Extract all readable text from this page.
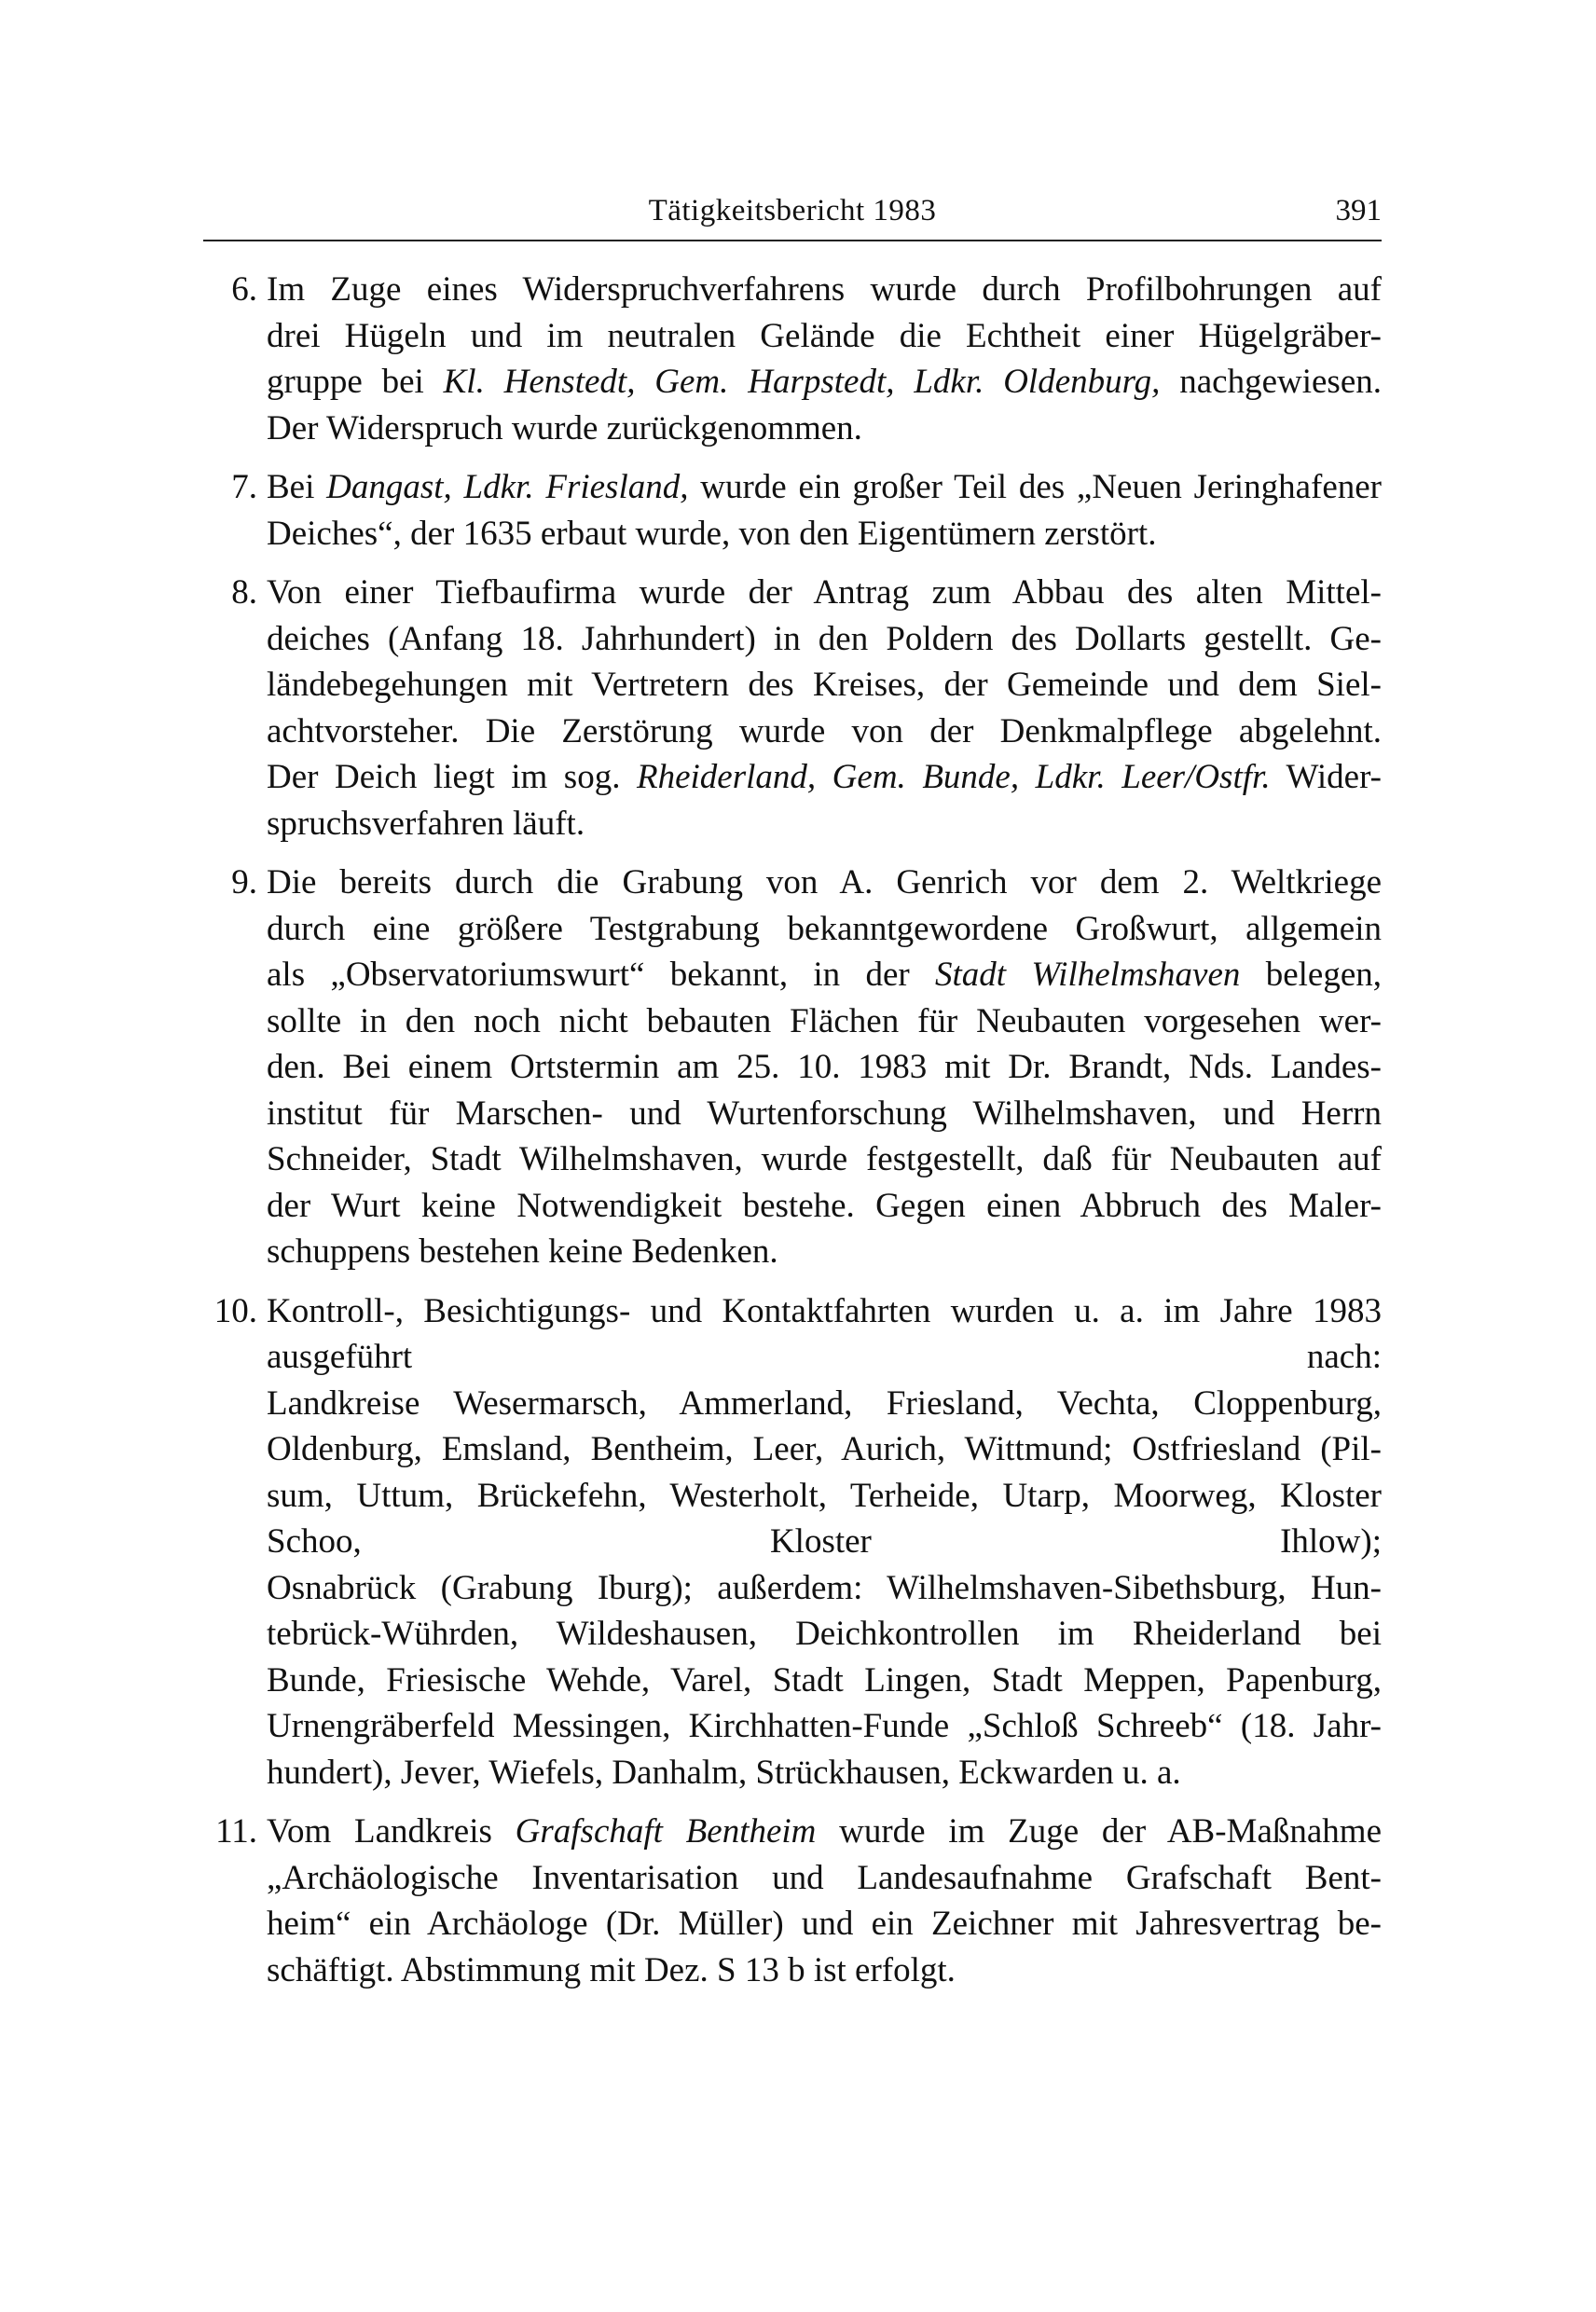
Tätigkeitsbericht 1983	391
6. Im Zuge eines Widerspruchverfahrens wurde durch Profilbohrungen auf
drei Hügeln und im neutralen Gelände die Echtheit einer Hügelgräber-
gruppe bei Kl. Henstedt, Gem. Harpstedt, Ldkr. Oldenburg, nachgewiesen.
Der Widerspruch wurde zurückgenommen.
7. Bei Dangast, Ldkr. Friesland, wurde ein großer Teil des „Neuen Jeringhafener
Deiches“, der 1635 erbaut wurde, von den Eigentümern zerstört.
8. Von einer Tiefbaufirma wurde der Antrag zum Abbau des alten Mittel-
deiches (Anfang 18. Jahrhundert) in den Poldern des Dollarts gestellt. Ge-
ländebegehungen mit Vertretern des Kreises, der Gemeinde und dem Siel-
achtvorsteher. Die Zerstörung wurde von der Denkmalpflege abgelehnt.
Der Deich liegt im sog. Rheiderland, Gem. Bunde, Ldkr. Leer/Ostfr. Wider-
spruchsverfahren läuft.
9. Die bereits durch die Grabung von A. Genrich vor dem 2. Weltkriege
durch eine größere Testgrabung bekanntgewordene Großwurt, allgemein
als „Observatoriumswurt“ bekannt, in der Stadt Wilhelmshaven belegen,
sollte in den noch nicht bebauten Flächen für Neubauten vorgesehen wer-
den. Bei einem Ortstermin am 25. 10. 1983 mit Dr. Brandt, Nds. Landes-
institut für Marschen- und Wurtenforschung Wilhelmshaven, und Herrn
Schneider, Stadt Wilhelmshaven, wurde festgestellt, daß für Neubauten auf
der Wurt keine Notwendigkeit bestehe. Gegen einen Abbruch des Maler-
schuppens bestehen keine Bedenken.
10. Kontroll-, Besichtigungs- und Kontaktfahrten wurden u. a. im Jahre 1983
ausgeführt nach:
Landkreise Wesermarsch, Ammerland, Friesland, Vechta, Cloppenburg,
Oldenburg, Emsland, Bentheim, Leer, Aurich, Wittmund; Ostfriesland (Pil-
sum, Uttum, Brückefehn, Westerholt, Terheide, Utarp, Moorweg, Kloster
Schoo, Kloster Ihlow);
Osnabrück (Grabung Iburg); außerdem: Wilhelmshaven-Sibethsburg, Hun-
tebrück-Wührden, Wildeshausen, Deichkontrollen im Rheiderland bei
Bunde, Friesische Wehde, Varel, Stadt Lingen, Stadt Meppen, Papenburg,
Urnengräberfeld Messingen, Kirchhatten-Funde „Schloß Schreeb“ (18. Jahr-
hundert), Jever, Wiefels, Danhalm, Strückhausen, Eckwarden u. a.
11. Vom Landkreis Grafschaft Bentheim wurde im Zuge der AB-Maßnahme
„Archäologische Inventarisation und Landesaufnahme Grafschaft Bent-
heim“ ein Archäologe (Dr. Müller) und ein Zeichner mit Jahresvertrag be-
schäftigt. Abstimmung mit Dez. S 13 b ist erfolgt.
